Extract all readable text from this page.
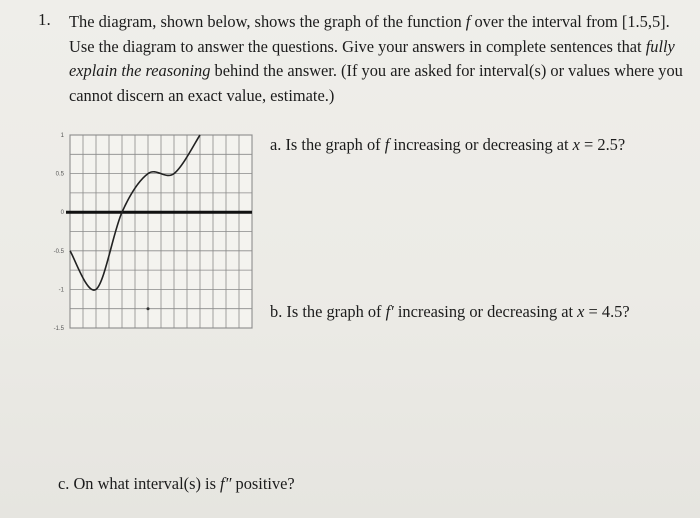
1. The diagram, shown below, shows the graph of the function f over the interval from [1.5,5].
Use the diagram to answer the questions. Give your answers in complete sentences that fully
explain the reasoning behind the answer. (If you are asked for interval(s) or values where you
cannot discern an exact value, estimate.)
1
0.5
0
-0.5
-1
-1.5
a. Is the graph of f increasing or decreasing at x = 2.5?
b. Is the graph of f′ increasing or decreasing at x = 4.5?
c. On what interval(s) is f″ positive?
